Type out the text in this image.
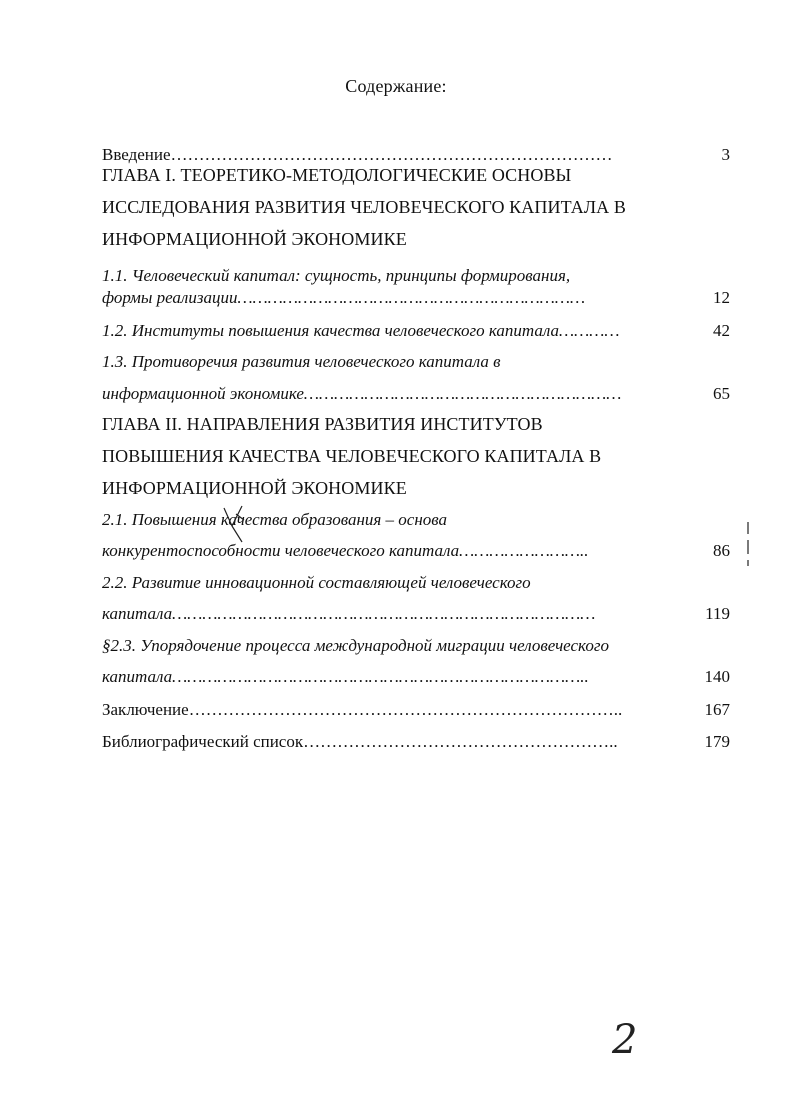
Содержание:
Введение……………………………………………………………………	3
ГЛАВА I. ТЕОРЕТИКО-МЕТОДОЛОГИЧЕСКИЕ ОСНОВЫ
ИССЛЕДОВАНИЯ РАЗВИТИЯ ЧЕЛОВЕЧЕСКОГО КАПИТАЛА В
ИНФОРМАЦИОННОЙ ЭКОНОМИКЕ
1.1. Человеческий капитал: сущность, принципы формирования,
формы реализации……………………………………………………………	12
1.2. Институты повышения качества человеческого капитала…………	42
1.3. Противоречия развития человеческого капитала в
информационной экономике………………………………………………………	65
ГЛАВА II. НАПРАВЛЕНИЯ РАЗВИТИЯ ИНСТИТУТОВ
ПОВЫШЕНИЯ КАЧЕСТВА ЧЕЛОВЕЧЕСКОГО КАПИТАЛА В
ИНФОРМАЦИОННОЙ ЭКОНОМИКЕ
2.1. Повышения качества образования – основа
конкурентоспособности человеческого капитала……………………..	86
2.2. Развитие инновационной составляющей человеческого
капитала…………………………………………………………………………	119
§2.3. Упорядочение процесса международной миграции человеческого
капитала………………………………………………………………………..	140
Заключение…………………………………………………………………..	167
Библиографический список………………………………………………..	179
2
